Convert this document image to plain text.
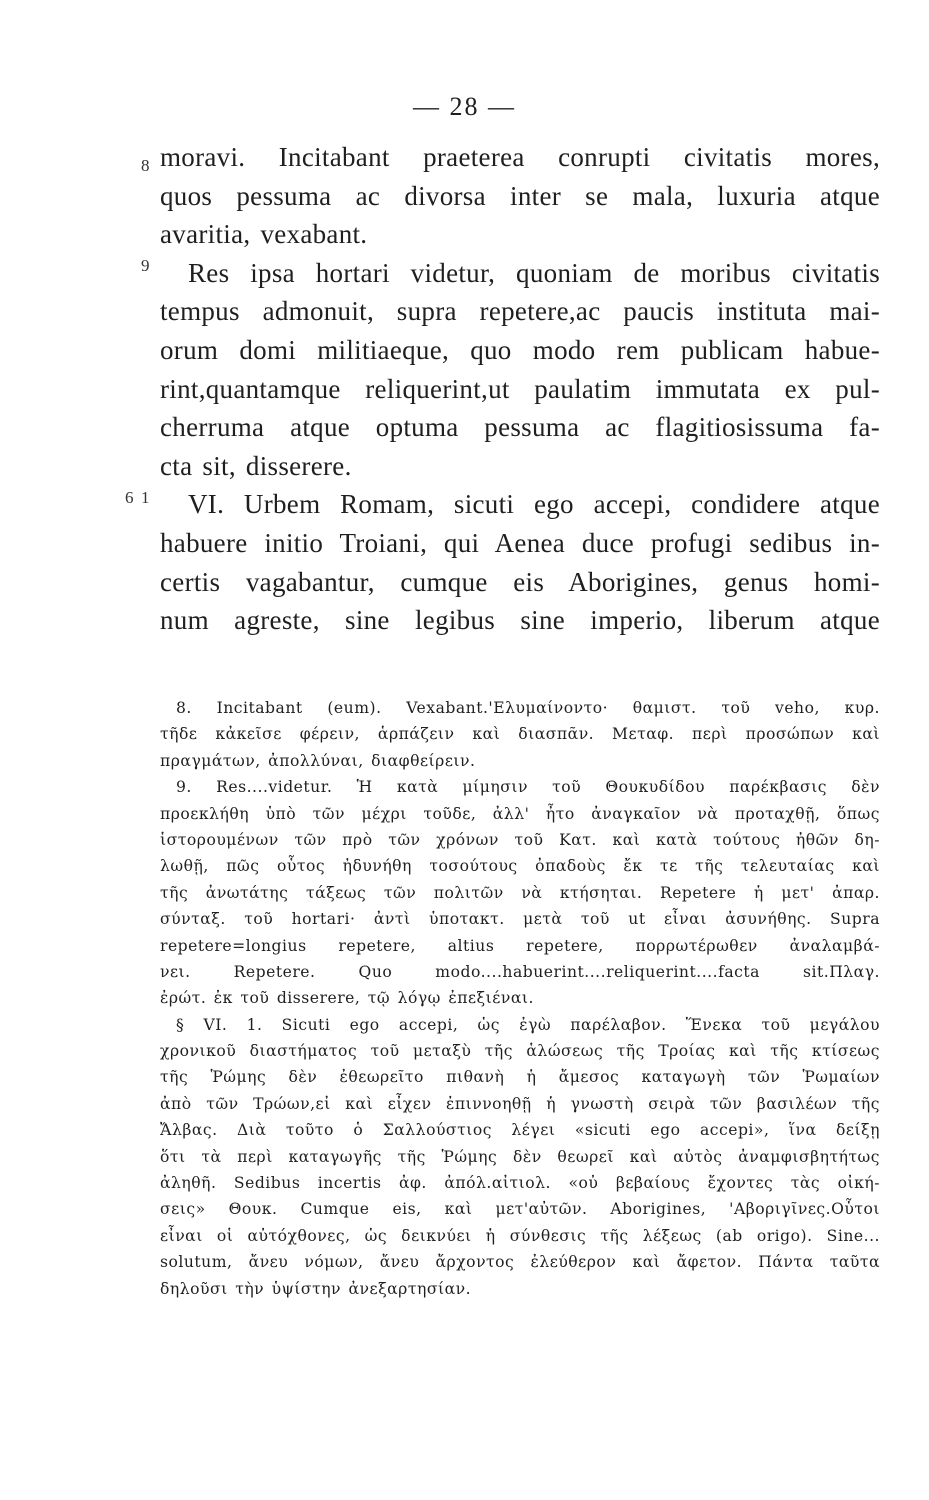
— 28 —
8
9
1
6
moravi. Incitabant praeterea conrupti civitatis mores,
quos pessuma ac divorsa inter se mala, luxuria atque
avaritia, vexabant.
Res ipsa hortari videtur, quoniam de moribus civitatis
tempus admonuit, supra repetere,ac paucis instituta mai-
orum domi militiaeque, quo modo rem publicam habue-
rint,quantamque reliquerint,ut paulatim immutata ex pul-
cherruma atque optuma pessuma ac flagitiosissuma fa-
cta sit, disserere.
VI. Urbem Romam, sicuti ego accepi, condidere atque
habuere initio Troiani, qui Aenea duce profugi sedibus in-
certis vagabantur, cumque eis Aborigines, genus homi-
num agreste, sine legibus sine imperio, liberum atque
8. Incitabant (eum). Vexabant.'Ελυμαίνοντο· θαμιστ. τοῦ veho, κυρ.
τῆδε κἀκεῖσε φέρειν, ἁρπάζειν καὶ διασπᾶν. Μεταφ. περὶ προσώπων καὶ
πραγμάτων, ἀπολλύναι, διαφθείρειν.
9. Res....videtur. Ἡ κατὰ μίμησιν τοῦ Θουκυδίδου παρέκβασις δὲν
προεκλήθη ὑπὸ τῶν μέχρι τοῦδε, ἀλλ' ἦτο ἀναγκαῖον νὰ προταχθῇ, ὅπως
ἱστορουμένων τῶν πρὸ τῶν χρόνων τοῦ Κατ. καὶ κατὰ τούτους ἠθῶν δη-
λωθῇ, πῶς οὗτος ἠδυνήθη τοσούτους ὀπαδοὺς ἔκ τε τῆς τελευταίας καὶ
τῆς ἀνωτάτης τάξεως τῶν πολιτῶν νὰ κτήσηται. Repetere ἡ μετ' ἀπαρ.
σύνταξ. τοῦ hortari· ἀντὶ ὑποτακτ. μετὰ τοῦ ut εἶναι ἀσυνήθης. Supra
repetere=longius repetere, altius repetere, πορρωτέρωθεν ἀναλαμβά-
νει. Repetere. Quo modo....habuerint....reliquerint....facta sit.Πλαγ.
ἐρώτ. ἐκ τοῦ disserere, τῷ λόγῳ ἐπεξιέναι.
§ VI. 1. Sicuti ego accepi, ὡς ἐγὼ παρέλαβον. Ἕνεκα τοῦ μεγάλου
χρονικοῦ διαστήματος τοῦ μεταξὺ τῆς ἁλώσεως τῆς Τροίας καὶ τῆς κτίσεως
τῆς Ῥώμης δὲν ἐθεωρεῖτο πιθανὴ ἡ ἄμεσος καταγωγὴ τῶν Ῥωμαίων
ἀπὸ τῶν Τρώων,εἰ καὶ εἶχεν ἐπιννοηθῇ ἡ γνωστὴ σειρὰ τῶν βασιλέων τῆς
Ἄλβας. Διὰ τοῦτο ὁ Σαλλούστιος λέγει «sicuti ego accepi», ἵνα δείξῃ
ὅτι τὰ περὶ καταγωγῆς τῆς Ῥώμης δὲν θεωρεῖ καὶ αὐτὸς ἀναμφισβητήτως
ἀληθῆ. Sedibus incertis ἀφ. ἀπόλ.αἰτιολ. «οὐ βεβαίους ἔχοντες τὰς οἰκή-
σεις» Θουκ. Cumque eis, καὶ μετ'αὐτῶν. Aborigines, 'Αβοριγῖνες.Οὗτοι
εἶναι οἱ αὐτόχθονες, ὡς δεικνύει ἡ σύνθεσις τῆς λέξεως (ab origo). Sine...
solutum, ἄνευ νόμων, ἄνευ ἄρχοντος ἐλεύθερον καὶ ἄφετον. Πάντα ταῦτα
δηλοῦσι τὴν ὑψίστην ἀνεξαρτησίαν.
